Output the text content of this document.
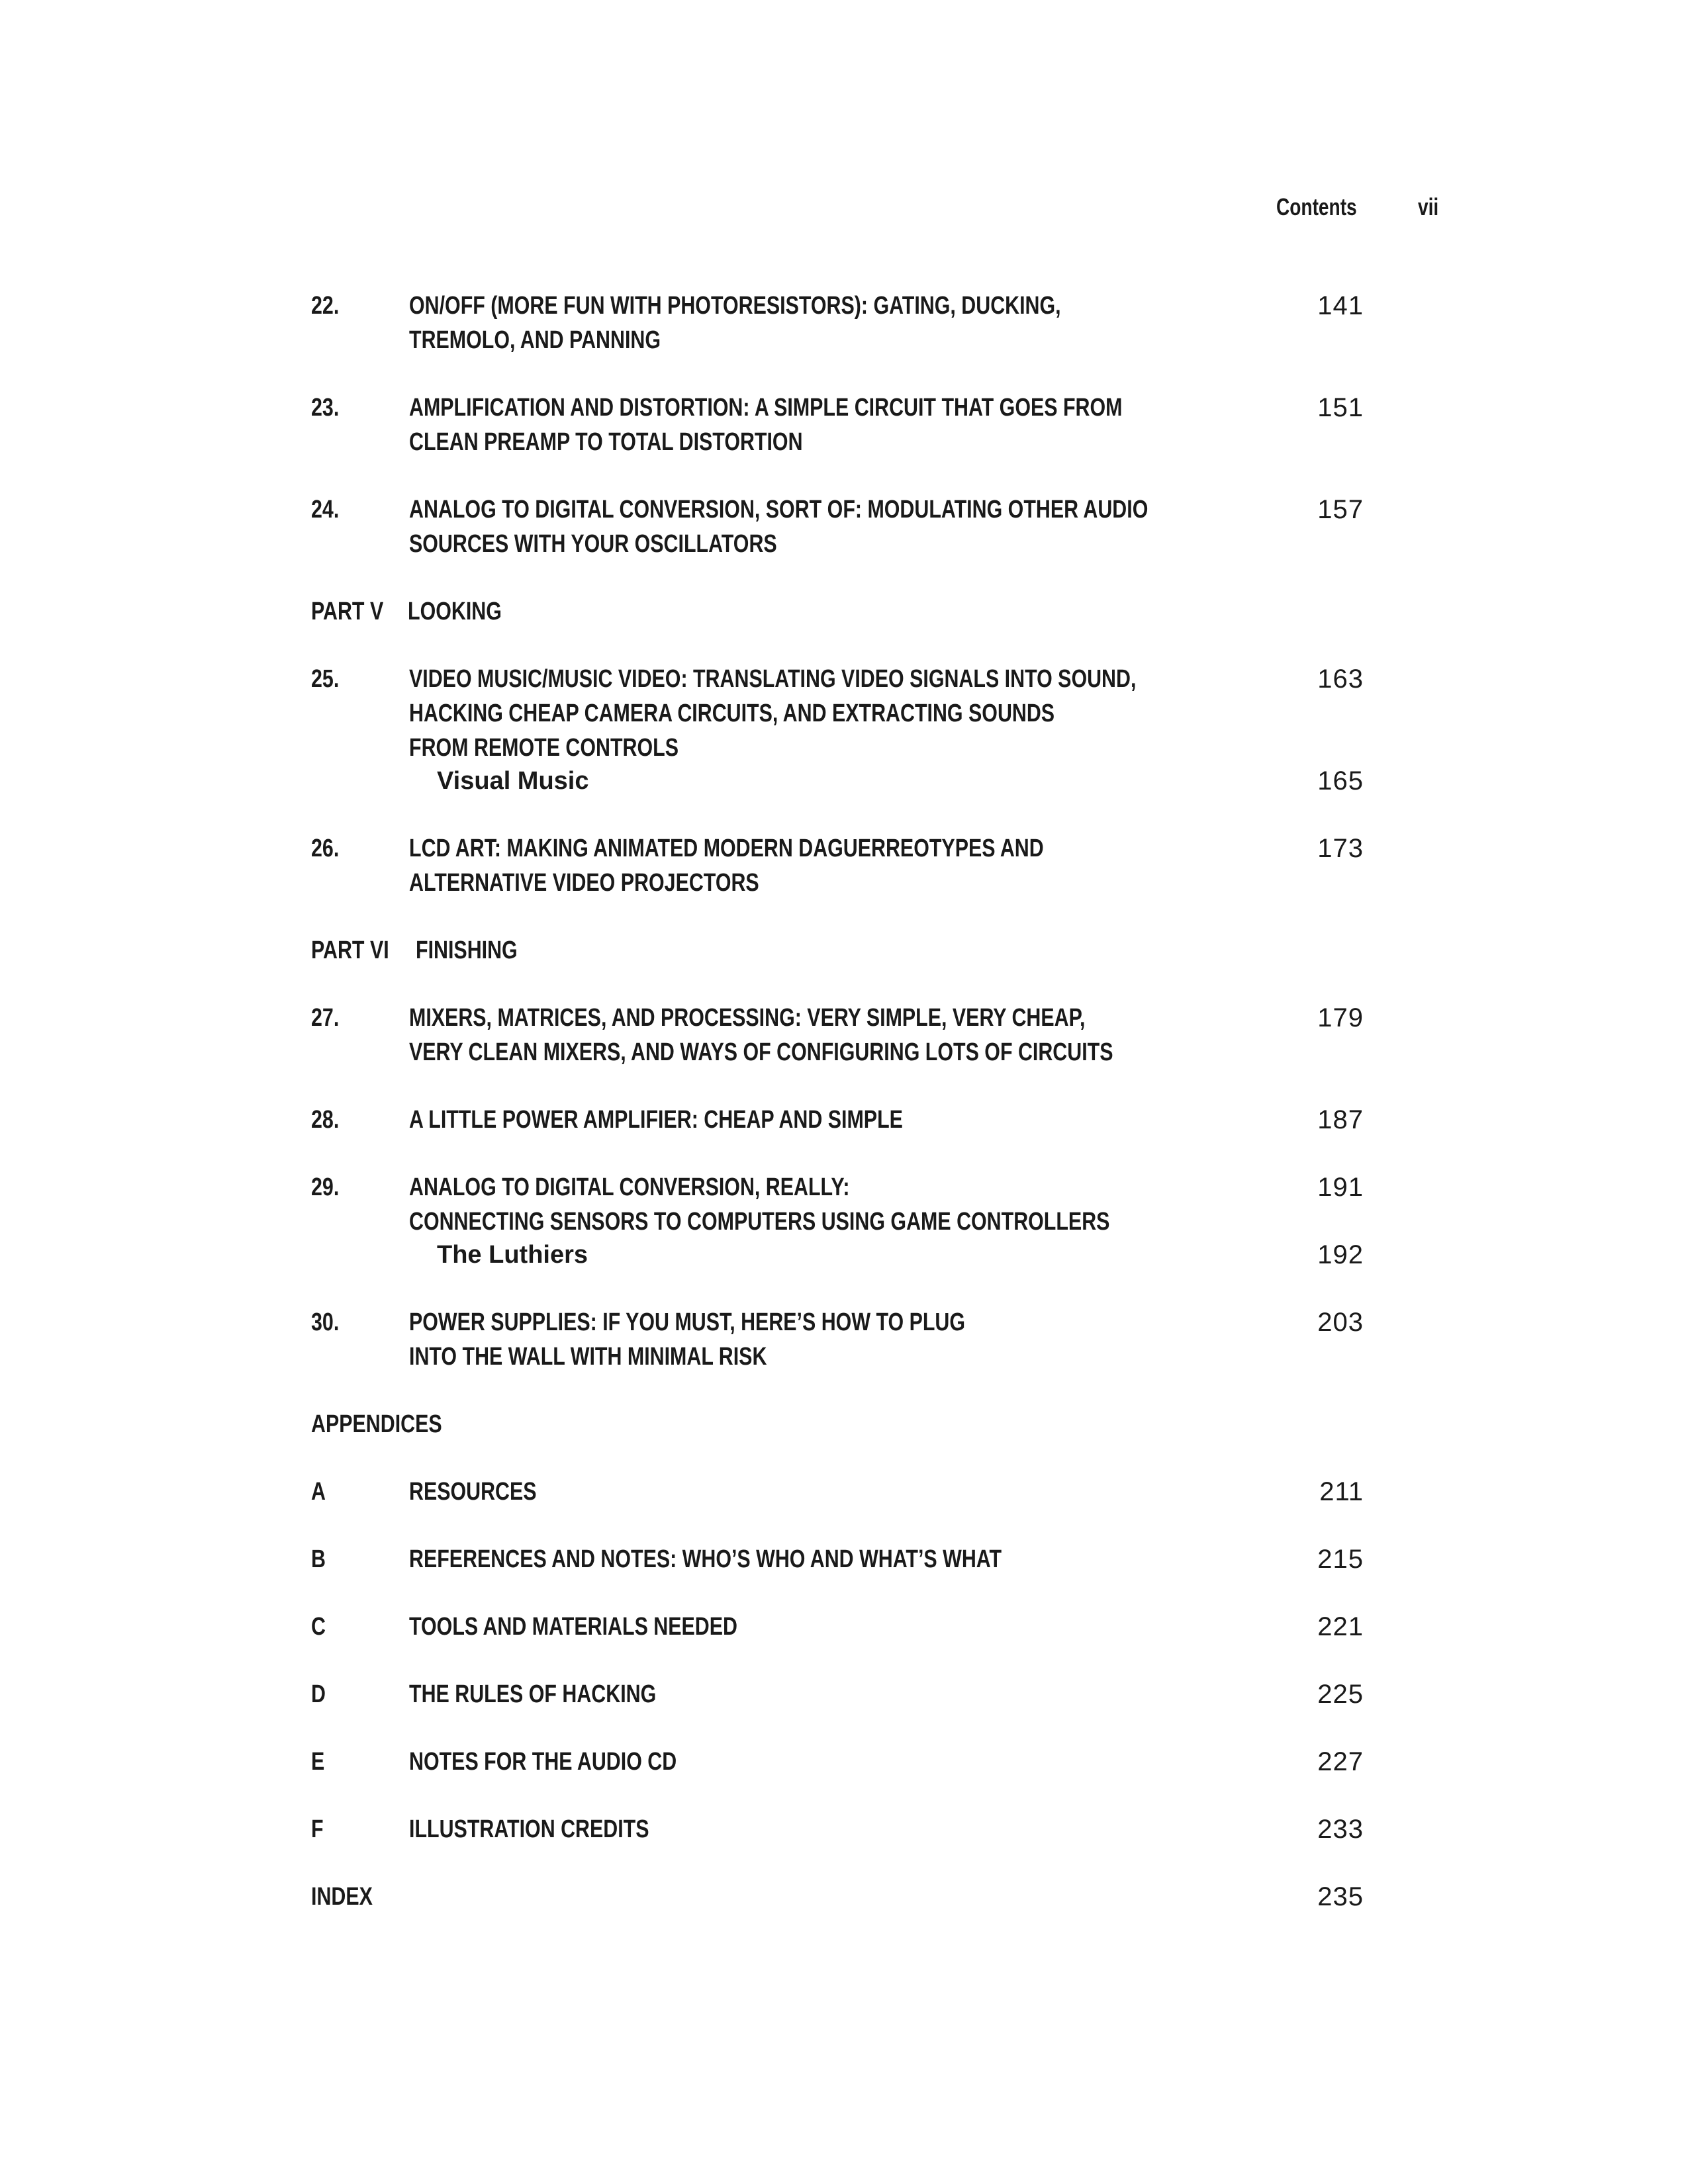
Contents	vii
22.	ON/OFF (MORE FUN WITH PHOTORESISTORS): GATING, DUCKING,
TREMOLO, AND PANNING
141
23.	AMPLIFICATION AND DISTORTION: A SIMPLE CIRCUIT THAT GOES FROM
CLEAN PREAMP TO TOTAL DISTORTION
151
24.	ANALOG TO DIGITAL CONVERSION, SORT OF: MODULATING OTHER AUDIO
SOURCES WITH YOUR OSCILLATORS
157
PART V LOOKING
25.	VIDEO MUSIC/MUSIC VIDEO: TRANSLATING VIDEO SIGNALS INTO SOUND,
HACKING CHEAP CAMERA CIRCUITS, AND EXTRACTING SOUNDS
FROM REMOTE CONTROLS
163
Visual Music	165
26.	LCD ART: MAKING ANIMATED MODERN DAGUERREOTYPES AND
ALTERNATIVE VIDEO PROJECTORS
173
PART VI FINISHING
27.	MIXERS, MATRICES, AND PROCESSING: VERY SIMPLE, VERY CHEAP,
VERY CLEAN MIXERS, AND WAYS OF CONFIGURING LOTS OF CIRCUITS
179
28.	A LITTLE POWER AMPLIFIER: CHEAP AND SIMPLE	187
29.	ANALOG TO DIGITAL CONVERSION, REALLY:
CONNECTING SENSORS TO COMPUTERS USING GAME CONTROLLERS
191
The Luthiers	192
30.	POWER SUPPLIES: IF YOU MUST, HERE’S HOW TO PLUG
INTO THE WALL WITH MINIMAL RISK
203
APPENDICES
A	RESOURCES	211
B	REFERENCES AND NOTES: WHO’S WHO AND WHAT’S WHAT	215
C	TOOLS AND MATERIALS NEEDED	221
D	THE RULES OF HACKING	225
E	NOTES FOR THE AUDIO CD	227
F	ILLUSTRATION CREDITS	233
INDEX	235
